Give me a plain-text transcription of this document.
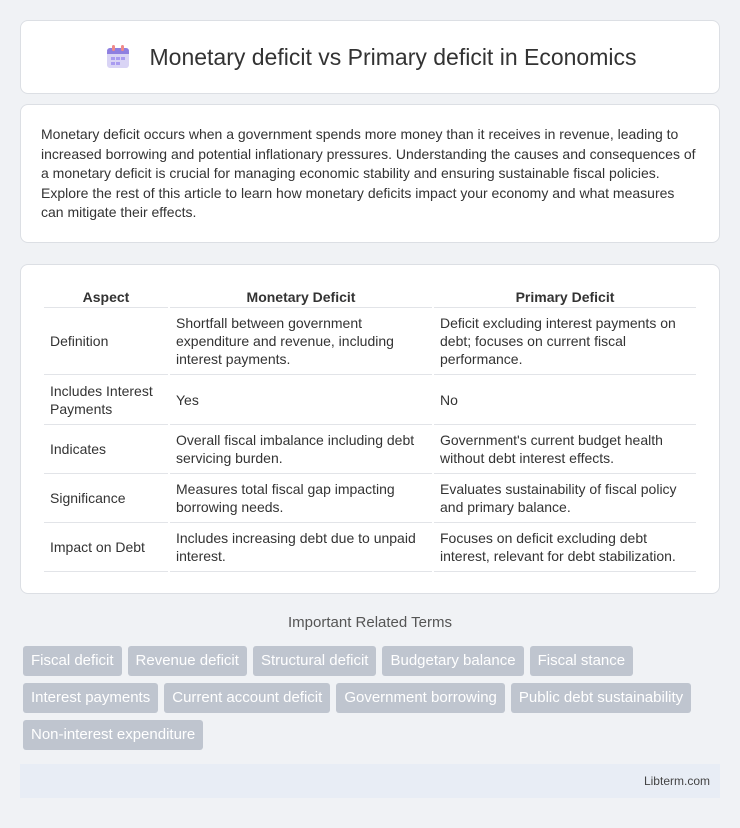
Monetary deficit vs Primary deficit in Economics

Monetary deficit occurs when a government spends more money than it receives in revenue, leading to increased borrowing and potential inflationary pressures. Understanding the causes and consequences of a monetary deficit is crucial for managing economic stability and ensuring sustainable fiscal policies. Explore the rest of this article to learn how monetary deficits impact your economy and what measures can mitigate their effects.

Aspect	Monetary Deficit	Primary Deficit
Definition	Shortfall between government expenditure and revenue, including interest payments.	Deficit excluding interest payments on debt; focuses on current fiscal performance.
Includes Interest Payments	Yes	No
Indicates	Overall fiscal imbalance including debt servicing burden.	Government's current budget health without debt interest effects.
Significance	Measures total fiscal gap impacting borrowing needs.	Evaluates sustainability of fiscal policy and primary balance.
Impact on Debt	Includes increasing debt due to unpaid interest.	Focuses on deficit excluding debt interest, relevant for debt stabilization.
Important Related Terms
Fiscal deficit	Revenue deficit	Structural deficit	Budgetary balance	Fiscal stance
Interest payments	Current account deficit	Government borrowing	Public debt sustainability
Non-interest expenditure
Libterm.com
